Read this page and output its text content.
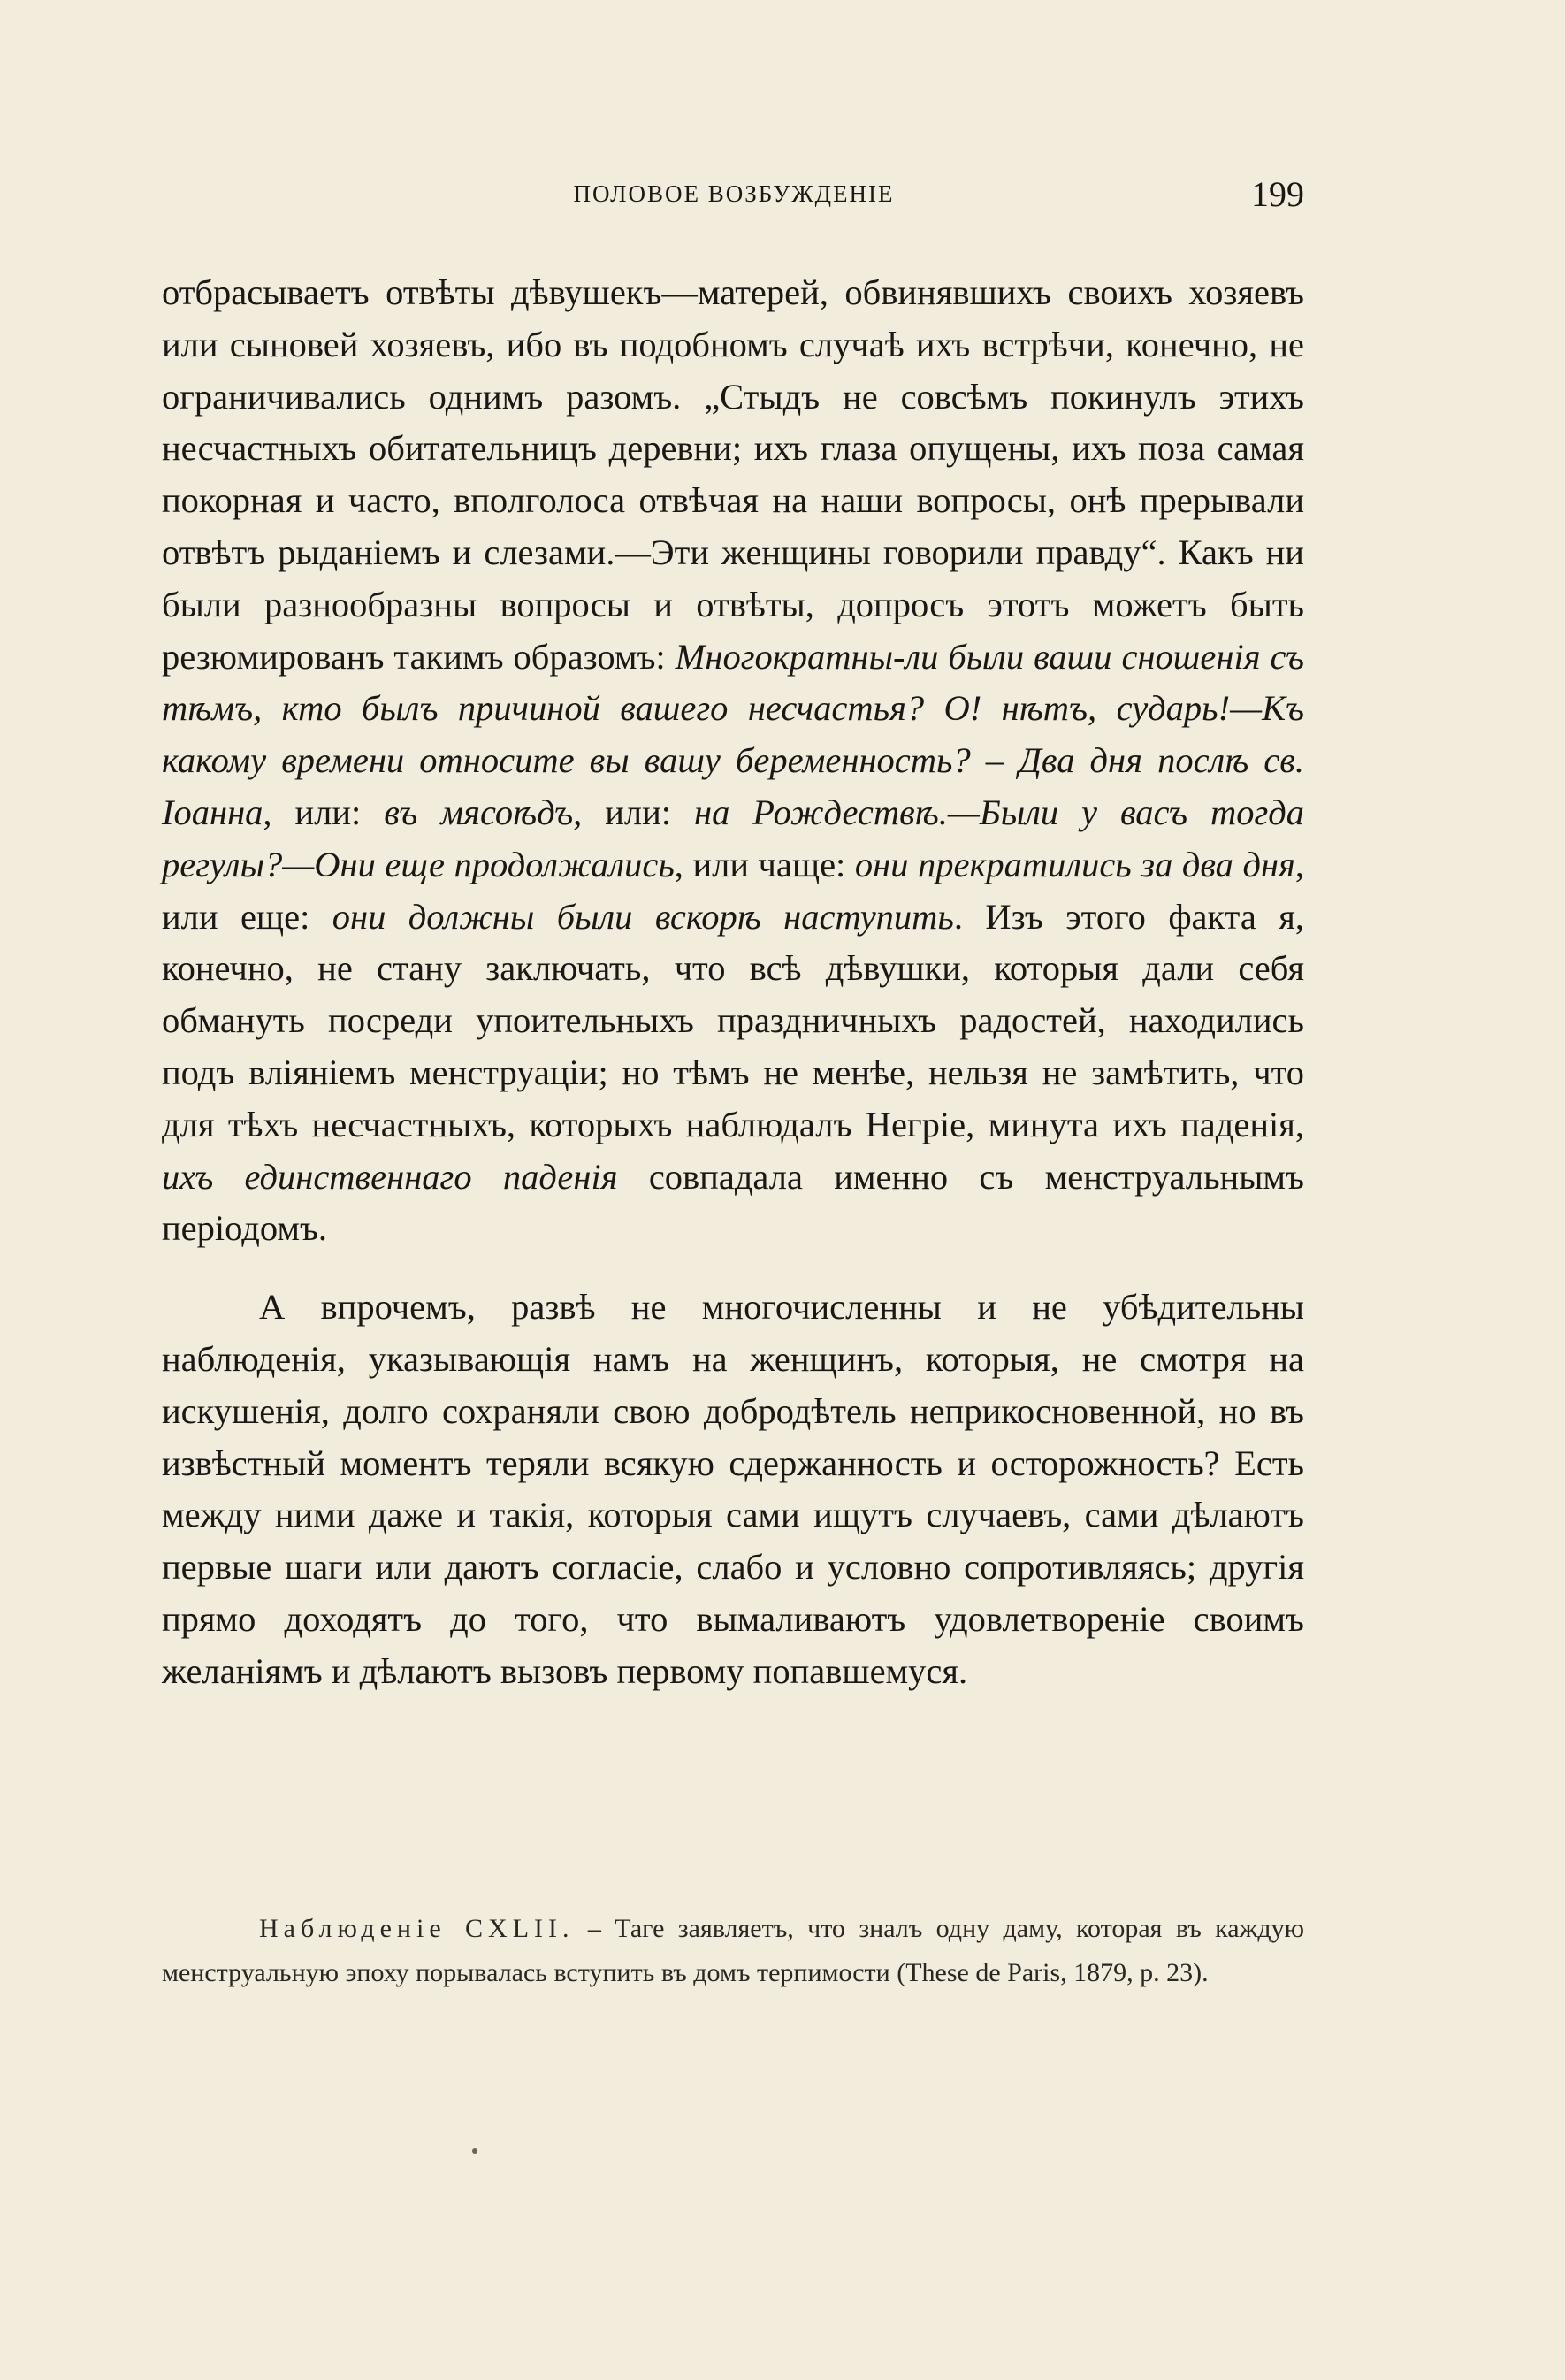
ПОЛОВОЕ ВОЗБУЖДЕНІЕ	199

отбрасываетъ отвѣты дѣвушекъ—матерей, обвинявшихъ своихъ хозяевъ или сыновей хозяевъ, ибо въ подобномъ случаѣ ихъ встрѣчи, конечно, не ограничивались однимъ разомъ. „Стыдъ не совсѣмъ покинулъ этихъ несчастныхъ обитательницъ деревни; ихъ глаза опущены, ихъ поза самая покорная и часто, вполголоса отвѣчая на наши вопросы, онѣ прерывали отвѣтъ рыданіемъ и слезами.—Эти женщины говорили правду“. Какъ ни были разнообразны вопросы и отвѣты, допросъ этотъ можетъ быть резюмированъ такимъ образомъ: Многократны-ли были ваши сношенія съ тѣмъ, кто былъ причиной вашего несчастья? О! нѣтъ, сударь!—Къ какому времени относите вы вашу беременность? – Два дня послѣ св. Іоанна, или: въ мясоѣдъ, или: на Рождествѣ.—Были у васъ тогда регулы?—Они еще продолжались, или чаще: они прекратились за два дня, или еще: они должны были вскорѣ наступить. Изъ этого факта я, конечно, не стану заключать, что всѣ дѣвушки, которыя дали себя обмануть посреди упоительныхъ праздничныхъ радостей, находились подъ вліяніемъ менструаціи; но тѣмъ не менѣе, нельзя не замѣтить, что для тѣхъ несчастныхъ, которыхъ наблюдалъ Негріе, минута ихъ паденія, ихъ единственнаго паденія совпадала именно съ менструальнымъ періодомъ.

А впрочемъ, развѣ не многочисленны и не убѣдительны наблюденія, указывающія намъ на женщинъ, которыя, не смотря на искушенія, долго сохраняли свою добродѣтель неприкосновенной, но въ извѣстный моментъ теряли всякую сдержанность и осторожность? Есть между ними даже и такія, которыя сами ищутъ случаевъ, сами дѣлаютъ первые шаги или даютъ согласіе, слабо и условно сопротивляясь; другія прямо доходятъ до того, что вымаливаютъ удовлетвореніе своимъ желаніямъ и дѣлаютъ вызовъ первому попавшемуся.

Наблюденіе CXLII. – Таге заявляетъ, что зналъ одну даму, которая въ каждую менструальную эпоху порывалась вступить въ домъ терпимости (These de Paris, 1879, p. 23).
